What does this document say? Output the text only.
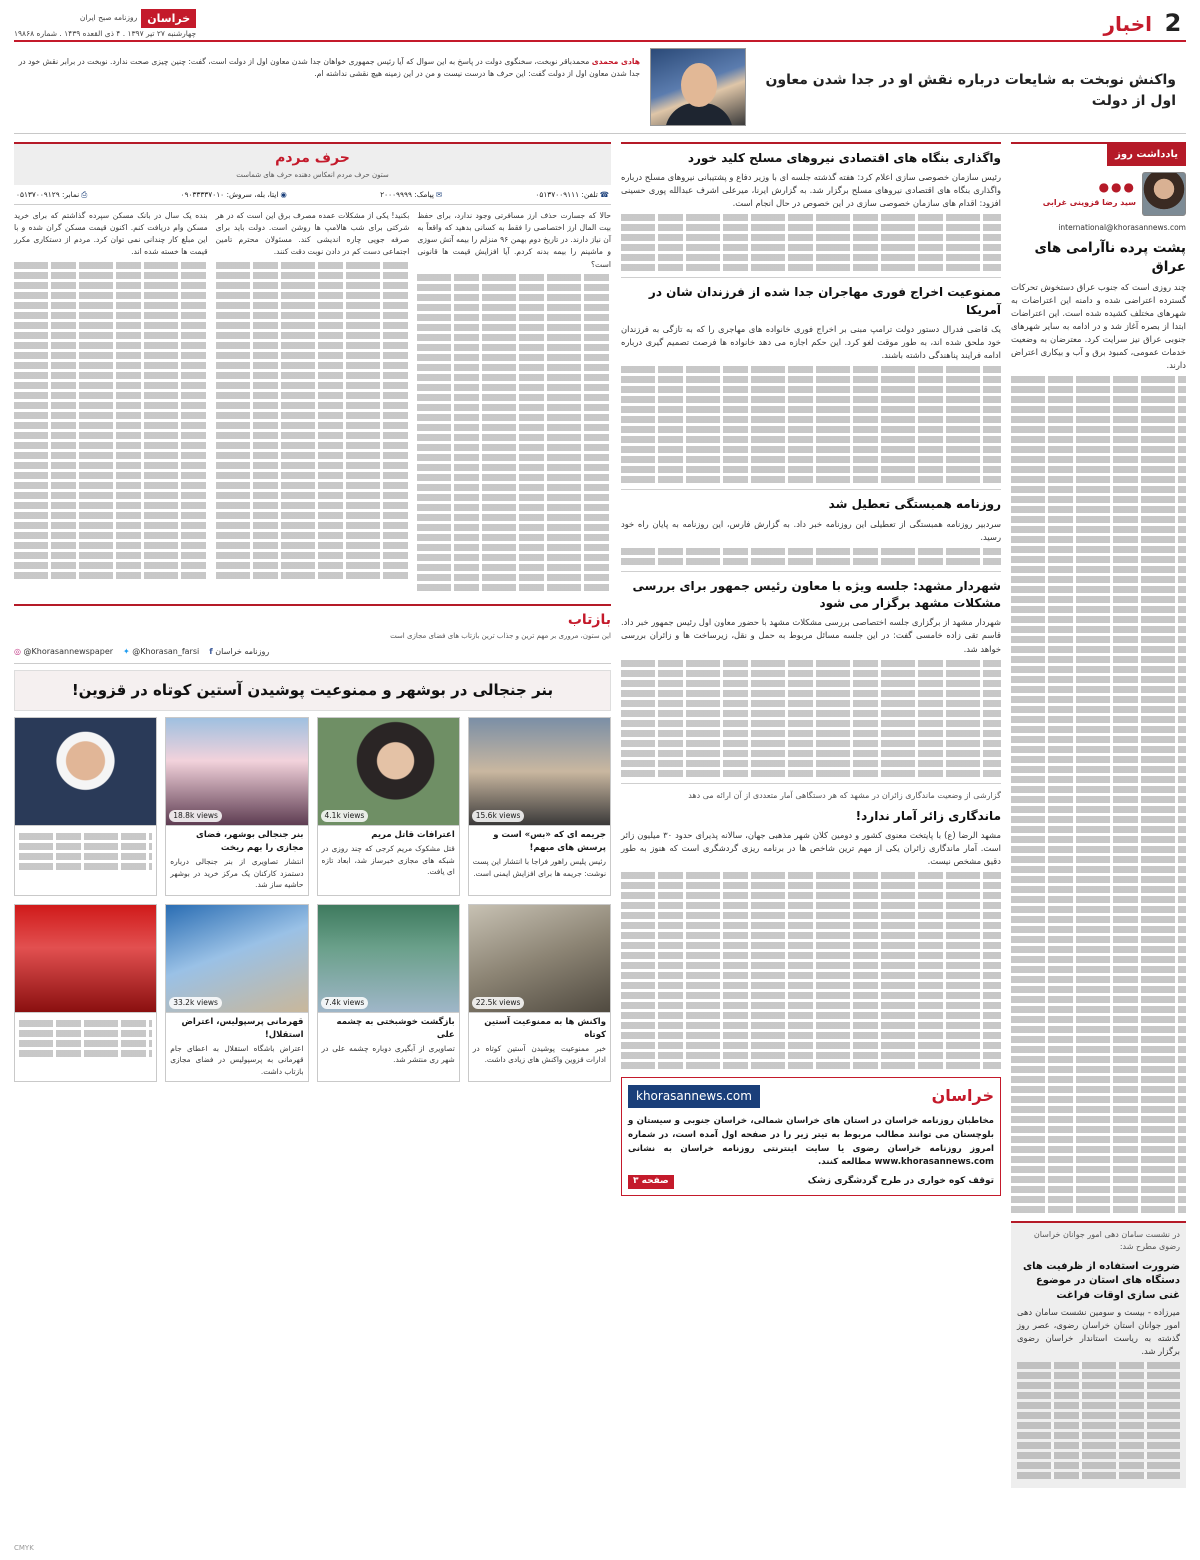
2
اخبار
خراسان
روزنامه صبح ایران
چهارشنبه ۲۷ تیر ۱۳۹۷ . ۴ ذی القعده ۱۴۳۹ . شماره ۱۹۸۶۸
واکنش نوبخت به شایعات درباره نقش او در جدا شدن معاون اول از دولت
هادی محمدی محمدباقر نوبخت، سخنگوی دولت در پاسخ به این سوال که آیا رئیس جمهوری خواهان جدا شدن معاون اول از دولت است، گفت: چنین چیزی صحت ندارد. نوبخت در برابر نقش خود در جدا شدن معاون اول از دولت گفت: این حرف ها درست نیست و من در این زمینه هیچ نقشی نداشته ام.
یادداشت روز
●●●
سید رضا قزوینی غرابی
international@khorasannews.com
پشت پرده ناآرامی های عراق

چند روزی است که جنوب عراق دستخوش تحرکات گسترده اعتراضی شده و دامنه این اعتراضات به شهرهای مختلف کشیده شده است. این اعتراضات ابتدا از بصره آغاز شد و در ادامه به سایر شهرهای جنوبی عراق نیز سرایت کرد. معترضان به وضعیت خدمات عمومی، کمبود برق و آب و بیکاری اعتراض دارند.

در نشست سامان دهی امور جوانان خراسان رضوی مطرح شد:
ضرورت استفاده از ظرفیت های دستگاه های استان در موضوع غنی سازی اوقات فراغت

میرزاده - بیست و سومین نشست سامان دهی امور جوانان استان خراسان رضوی، عصر روز گذشته به ریاست استاندار خراسان رضوی برگزار شد.

واگذاری بنگاه های اقتصادی نیروهای مسلح کلید خورد

رئیس سازمان خصوصی سازی اعلام کرد: هفته گذشته جلسه ای با وزیر دفاع و پشتیبانی نیروهای مسلح درباره واگذاری بنگاه های اقتصادی نیروهای مسلح برگزار شد. به گزارش ایرنا، میرعلی اشرف عبدالله پوری حسینی افزود: اقدام های سازمان خصوصی سازی در این خصوص در حال انجام است.

ممنوعیت اخراج فوری مهاجران جدا شده از فرزندان شان در آمریکا

یک قاضی فدرال دستور دولت ترامپ مبنی بر اخراج فوری خانواده های مهاجری را که به تازگی به فرزندان خود ملحق شده اند، به طور موقت لغو کرد. این حکم اجازه می دهد خانواده ها فرصت تصمیم گیری درباره ادامه فرایند پناهندگی داشته باشند.

روزنامه همبستگی تعطیل شد

سردبیر روزنامه همبستگی از تعطیلی این روزنامه خبر داد. به گزارش فارس، این روزنامه به پایان راه خود رسید.

شهردار مشهد: جلسه ویژه با معاون رئیس جمهور برای بررسی مشکلات مشهد برگزار می شود

شهردار مشهد از برگزاری جلسه اختصاصی بررسی مشکلات مشهد با حضور معاون اول رئیس جمهور خبر داد. قاسم تقی زاده خامسی گفت: در این جلسه مسائل مربوط به حمل و نقل، زیرساخت ها و زائران بررسی خواهد شد.

گزارشی از وضعیت ماندگاری زائران در مشهد که هر دستگاهی آمار متعددی از آن ارائه می دهد
ماندگاری زائر آمار ندارد!

مشهد الرضا (ع) با پایتخت معنوی کشور و دومین کلان شهر مذهبی جهان، سالانه پذیرای حدود ۳۰ میلیون زائر است. آمار ماندگاری زائران یکی از مهم ترین شاخص ها در برنامه ریزی گردشگری است که هنوز به طور دقیق مشخص نیست.

خراسان
khorasannews.com
مخاطبان روزنامه خراسان در استان های خراسان شمالی، خراسان جنوبی و سیستان و بلوچستان می توانند مطالب مربوط به تیتر زیر را در صفحه اول آمده است، در شماره امروز روزنامه خراسان رضوی یا سایت اینترنتی روزنامه خراسان به نشانی www.khorasannews.com مطالعه کنند.
توقف کوه خواری در طرح گردشگری زشک
صفحه ۳
حرف مردم
ستون حرف مردم انعکاس دهنده حرف های شماست
☎تلفن: ۰۵۱۳۷۰۰۹۱۱۱
✉پیامک: ۲۰۰۰۹۹۹۹
◉ایتا، بله، سروش: ۰۹۰۳۳۳۳۷۰۱۰
⎙نمابر: ۰۵۱۳۷۰۰۹۱۲۹

حالا که جسارت حذف ارز مسافرتی وجود ندارد، برای حفظ بیت المال ارز اختصاصی را فقط به کسانی بدهید که واقعاً به آن نیاز دارند. در تاریخ دوم بهمن ۹۶ منزلم را بیمه آتش سوزی و ماشینم را بیمه بدنه کردم. آیا افزایش قیمت ها قانونی است؟

بکنید! یکی از مشکلات عمده مصرف برق این است که در هر شرکتی برای شب هالامپ ها روشن است. دولت باید برای صرفه جویی چاره اندیشی کند. مسئولان محترم تامین اجتماعی دست کم در دادن نوبت دقت کنند.

بنده یک سال در بانک مسکن سپرده گذاشتم که برای خرید مسکن وام دریافت کنم. اکنون قیمت مسکن گران شده و با این مبلغ کار چندانی نمی توان کرد. مردم از دستکاری مکرر قیمت ها خسته شده اند.

بازتاب
این ستون، مروری بر مهم ترین و جذاب ترین بازتاب های فضای مجازی است
◎ @Khorasannewspaper ✦ @Khorasan_farsi f روزنامه خراسان
بنر جنجالی در بوشهر و ممنوعیت پوشیدن آستین کوتاه در قزوین!
15.6k views
جریمه ای که «بس» است و پرسش های مبهم!
رئیس پلیس راهور فراجا با انتشار این پست نوشت: جریمه ها برای افزایش ایمنی است.
4.1k views
اعترافات قاتل مریم
قتل مشکوک مریم کرجی که چند روزی در شبکه های مجازی خبرساز شد، ابعاد تازه ای یافت.
18.8k views
بنر جنجالی بوشهر، فضای مجازی را بهم ریخت
انتشار تصاویری از بنر جنجالی درباره دستمزد کارکنان یک مرکز خرید در بوشهر حاشیه ساز شد.
22.5k views
واکنش ها به ممنوعیت آستین کوتاه
خبر ممنوعیت پوشیدن آستین کوتاه در ادارات قزوین واکنش های زیادی داشت.
7.4k views
بازگشت خوشبختی به چشمه علی
تصاویری از آبگیری دوباره چشمه علی در شهر ری منتشر شد.
33.2k views
قهرمانی پرسپولیس، اعتراض استقلال!
اعتراض باشگاه استقلال به اعطای جام قهرمانی به پرسپولیس در فضای مجازی بازتاب داشت.
CMYK
